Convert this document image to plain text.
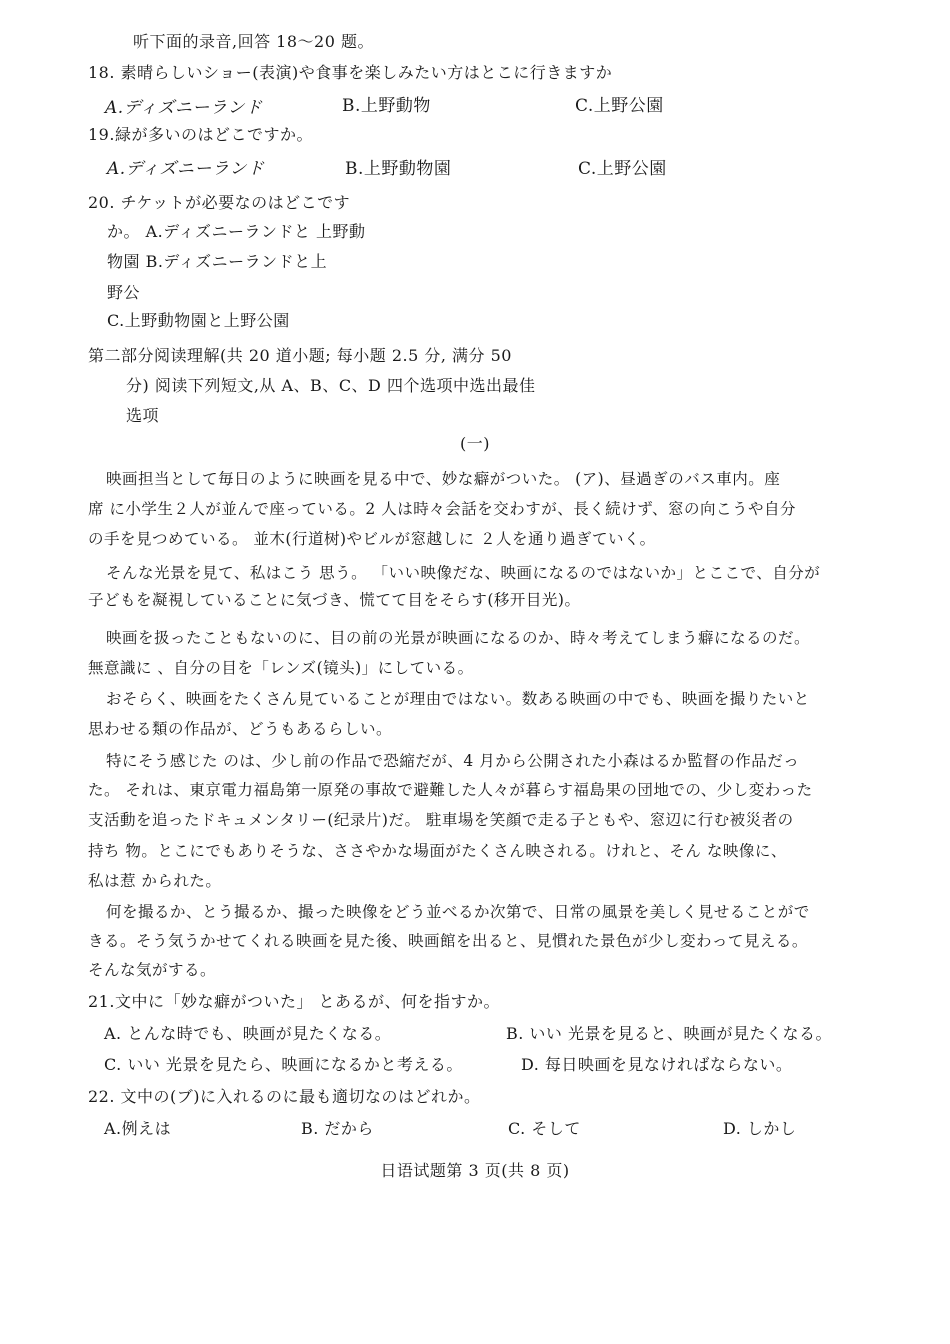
听下面的录音,回答 18～20 题。
18. 素晴らしいショー(表演)や食事を楽しみたい方はとこに行きますか
A.ディズニーランド	B.上野動物	C.上野公園
19.緑が多いのはどこですか。
A.ディズニーランド	B.上野動物園	C.上野公園
20. チケットが必要なのはどこです
か。 A.ディズニーランドと 上野動
物園 B.ディズニーランドと上
野公
C.上野動物園と上野公園
第二部分阅读理解(共 20 道小题; 每小题 2.5 分, 满分 50
分) 阅读下列短文,从 A、B、C、D 四个选项中选出最佳
选项
(一)
映画担当として毎日のように映画を見る中で、妙な癖がついた。 (ア)、昼過ぎのバス車内。座
席 に小学生２人が並んで座っている。2 人は時々会話を交わすが、長く続けず、窓の向こうや自分
の手を見つめている。 並木(行道树)やビルが窓越しに ２人を通り過ぎていく。
そんな光景を見て、私はこう 思う。 「いい映像だな、映画になるのではないか」とここで、自分が
子どもを凝視していることに気づき、慌てて目をそらす(移开目光)。
映画を扱ったこともないのに、目の前の光景が映画になるのか、時々考えてしまう癖になるのだ。
無意識に 、自分の目を「レンズ(镜头)」にしている。
おそらく、映画をたくさん見ていることが理由ではない。数ある映画の中でも、映画を撮りたいと
思わせる類の作品が、どうもあるらしい。
特にそう感じた のは、少し前の作品で恐縮だが、4 月から公開された小森はるか監督の作品だっ
た。 それは、東京電力福島第一原発の事故で避難した人々が暮らす福島果の団地での、少し変わった
支活動を追ったドキュメンタリー(纪录片)だ。 駐車場を笑顔で走る子ともや、窓辺に行む被災者の
持ち 物。とこにでもありそうな、ささやかな場面がたくさん映される。けれと、そん な映像に、
私は惹 かられた。
何を撮るか、とう撮るか、撮った映像をどう並べるか次第で、日常の風景を美しく見せることがで
きる。そう気うかせてくれる映画を見た後、映画館を出ると、見慣れた景色が少し変わって見える。
そんな気がする。
21.文中に「妙な癖がついた」 とあるが、何を指すか。
A. とんな時でも、映画が見たくなる。	B. いい 光景を見ると、映画が見たくなる。
C. いい 光景を見たら、映画になるかと考える。	D. 每日映画を見なければならない。
22. 文中の(ブ)に入れるのに最も適切なのはどれか。
A.例えは	B. だから	C. そして	D. しかし
日语试题第 3 页(共 8 页)
